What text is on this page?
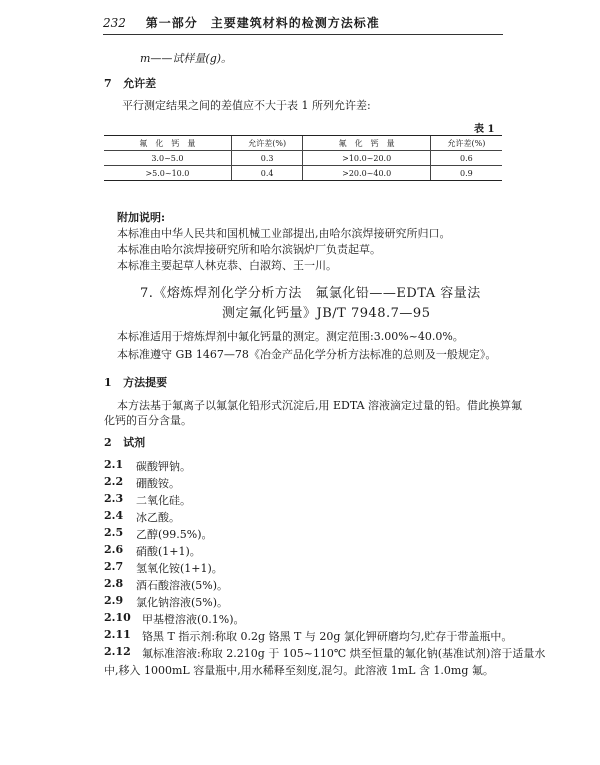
232 第一部分　主要建筑材料的检测方法标准
m——试样量(g)。
7 允许差
平行测定结果之间的差值应不大于表 1 所列允许差:
表 1
氟　化　钙　量	允许差(%)	氟　化　钙　量	允许差(%)
3.0~5.0	0.3	>10.0~20.0	0.6
>5.0~10.0	0.4	>20.0~40.0	0.9
附加说明:
本标准由中华人民共和国机械工业部提出,由哈尔滨焊接研究所归口。
本标准由哈尔滨焊接研究所和哈尔滨锅炉厂负责起草。
本标准主要起草人林克恭、白淑筠、王一川。
7.《熔炼焊剂化学分析方法　氟氯化铅——EDTA 容量法
测定氟化钙量》JB/T 7948.7—95
本标准适用于熔炼焊剂中氟化钙量的测定。测定范围:3.00%~40.0%。
本标准遵守 GB 1467—78《冶金产品化学分析方法标准的总则及一般规定》。
1 方法提要
本方法基于氟离子以氟氯化铅形式沉淀后,用 EDTA 溶液滴定过量的铅。借此换算氟
化钙的百分含量。
2 试剂
2.1 碳酸钾钠。
2.2 硼酸铵。
2.3 二氧化硅。
2.4 冰乙酸。
2.5 乙醇(99.5%)。
2.6 硝酸(1+1)。
2.7 氢氧化铵(1+1)。
2.8 酒石酸溶液(5%)。
2.9 氯化钠溶液(5%)。
2.10 甲基橙溶液(0.1%)。
2.11 铬黑 T 指示剂:称取 0.2g 铬黑 T 与 20g 氯化钾研磨均匀,贮存于带盖瓶中。
2.12 氟标准溶液:称取 2.210g 于 105~110℃ 烘至恒量的氟化钠(基准试剂)溶于适量水
中,移入 1000mL 容量瓶中,用水稀释至刻度,混匀。此溶液 1mL 含 1.0mg 氟。
